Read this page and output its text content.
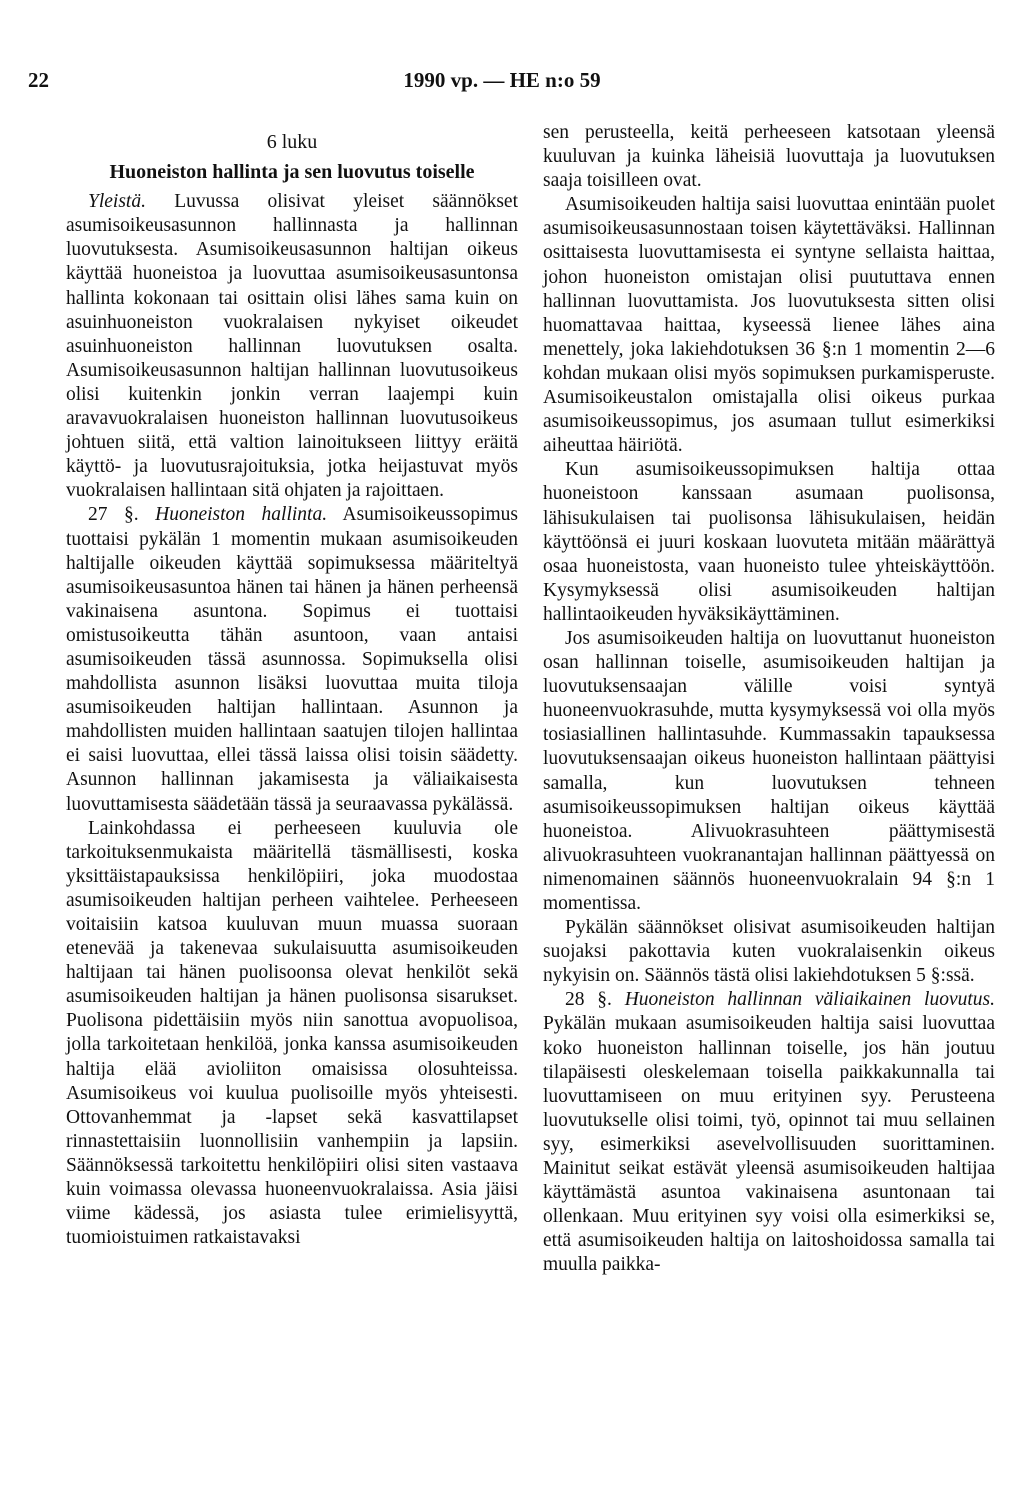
22	1990 vp. — HE n:o 59

6 luku

Huoneiston hallinta ja sen luovutus toiselle

Yleistä. Luvussa olisivat yleiset säännökset asumisoikeusasunnon hallinnasta ja hallinnan luovutuksesta. Asumisoikeusasunnon haltijan oikeus käyttää huoneistoa ja luovuttaa asumisoikeusasuntonsa hallinta kokonaan tai osittain olisi lähes sama kuin on asuinhuoneiston vuokralaisen nykyiset oikeudet asuinhuoneiston hallinnan luovutuksen osalta. Asumisoikeusasunnon haltijan hallinnan luovutusoikeus olisi kuitenkin jonkin verran laajempi kuin aravavuokralaisen huoneiston hallinnan luovutusoikeus johtuen siitä, että valtion lainoitukseen liittyy eräitä käyttö- ja luovutusrajoituksia, jotka heijastuvat myös vuokralaisen hallintaan sitä ohjaten ja rajoittaen.

27 §. Huoneiston hallinta. Asumisoikeussopimus tuottaisi pykälän 1 momentin mukaan asumisoikeuden haltijalle oikeuden käyttää sopimuksessa määriteltyä asumisoikeusasuntoa hänen tai hänen ja hänen perheensä vakinaisena asuntona. Sopimus ei tuottaisi omistusoikeutta tähän asuntoon, vaan antaisi asumisoikeuden tässä asunnossa. Sopimuksella olisi mahdollista asunnon lisäksi luovuttaa muita tiloja asumisoikeuden haltijan hallintaan. Asunnon ja mahdollisten muiden hallintaan saatujen tilojen hallintaa ei saisi luovuttaa, ellei tässä laissa olisi toisin säädetty. Asunnon hallinnan jakamisesta ja väliaikaisesta luovuttamisesta säädetään tässä ja seuraavassa pykälässä.

Lainkohdassa ei perheeseen kuuluvia ole tarkoituksenmukaista määritellä täsmällisesti, koska yksittäistapauksissa henkilöpiiri, joka muodostaa asumisoikeuden haltijan perheen vaihtelee. Perheeseen voitaisiin katsoa kuuluvan muun muassa suoraan etenevää ja takenevaa sukulaisuutta asumisoikeuden haltijaan tai hänen puolisoonsa olevat henkilöt sekä asumisoikeuden haltijan ja hänen puolisonsa sisarukset. Puolisona pidettäisiin myös niin sanottua avopuolisoa, jolla tarkoitetaan henkilöä, jonka kanssa asumisoikeuden haltija elää avioliiton omaisissa olosuhteissa. Asumisoikeus voi kuulua puolisoille myös yhteisesti. Ottovanhemmat ja -lapset sekä kasvattilapset rinnastettaisiin luonnollisiin vanhempiin ja lapsiin. Säännöksessä tarkoitettu henkilöpiiri olisi siten vastaava kuin voimassa olevassa huoneenvuokralaissa. Asia jäisi viime kädessä, jos asiasta tulee erimielisyyttä, tuomioistuimen ratkaistavaksi

sen perusteella, keitä perheeseen katsotaan yleensä kuuluvan ja kuinka läheisiä luovuttaja ja luovutuksen saaja toisilleen ovat.

Asumisoikeuden haltija saisi luovuttaa enintään puolet asumisoikeusasunnostaan toisen käytettäväksi. Hallinnan osittaisesta luovuttamisesta ei syntyne sellaista haittaa, johon huoneiston omistajan olisi puututtava ennen hallinnan luovuttamista. Jos luovutuksesta sitten olisi huomattavaa haittaa, kyseessä lienee lähes aina menettely, joka lakiehdotuksen 36 §:n 1 momentin 2—6 kohdan mukaan olisi myös sopimuksen purkamisperuste. Asumisoikeustalon omistajalla olisi oikeus purkaa asumisoikeussopimus, jos asumaan tullut esimerkiksi aiheuttaa häiriötä.

Kun asumisoikeussopimuksen haltija ottaa huoneistoon kanssaan asumaan puolisonsa, lähisukulaisen tai puolisonsa lähisukulaisen, heidän käyttöönsä ei juuri koskaan luovuteta mitään määrättyä osaa huoneistosta, vaan huoneisto tulee yhteiskäyttöön. Kysymyksessä olisi asumisoikeuden haltijan hallintaoikeuden hyväksikäyttäminen.

Jos asumisoikeuden haltija on luovuttanut huoneiston osan hallinnan toiselle, asumisoikeuden haltijan ja luovutuksensaajan välille voisi syntyä huoneenvuokrasuhde, mutta kysymyksessä voi olla myös tosiasiallinen hallintasuhde. Kummassakin tapauksessa luovutuksensaajan oikeus huoneiston hallintaan päättyisi samalla, kun luovutuksen tehneen asumisoikeussopimuksen haltijan oikeus käyttää huoneistoa. Alivuokrasuhteen päättymisestä alivuokrasuhteen vuokranantajan hallinnan päättyessä on nimenomainen säännös huoneenvuokralain 94 §:n 1 momentissa.

Pykälän säännökset olisivat asumisoikeuden haltijan suojaksi pakottavia kuten vuokralaisenkin oikeus nykyisin on. Säännös tästä olisi lakiehdotuksen 5 §:ssä.

28 §. Huoneiston hallinnan väliaikainen luovutus. Pykälän mukaan asumisoikeuden haltija saisi luovuttaa koko huoneiston hallinnan toiselle, jos hän joutuu tilapäisesti oleskelemaan toisella paikkakunnalla tai luovuttamiseen on muu erityinen syy. Perusteena luovutukselle olisi toimi, työ, opinnot tai muu sellainen syy, esimerkiksi asevelvollisuuden suorittaminen. Mainitut seikat estävät yleensä asumisoikeuden haltijaa käyttämästä asuntoa vakinaisena asuntonaan tai ollenkaan. Muu erityinen syy voisi olla esimerkiksi se, että asumisoikeuden haltija on laitoshoidossa samalla tai muulla paikka-
